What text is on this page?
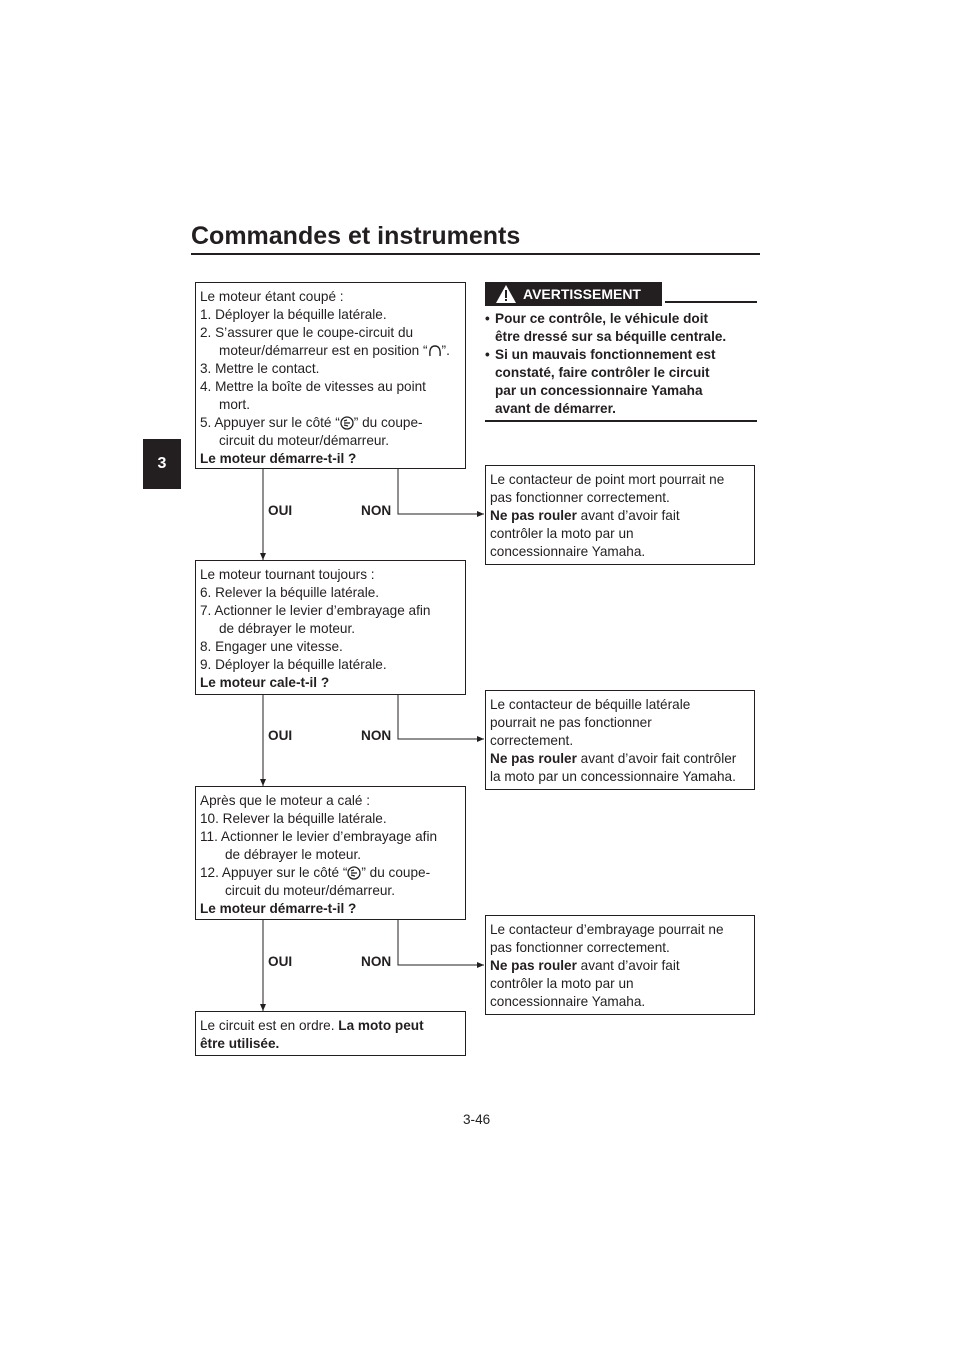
Commandes et instruments
3
Le moteur étant coupé :
1. Déployer la béquille latérale.
2. S’assurer que le coupe-circuit du
moteur/démarreur est en position “ ”.
3. Mettre le contact.
4. Mettre la boîte de vitesses au point
mort.
5. Appuyer sur le côté “ ” du coupe-
circuit du moteur/démarreur.
Le moteur démarre-t-il ?
OUI	NON
Le moteur tournant toujours :
6. Relever la béquille latérale.
7. Actionner le levier d’embrayage afin
de débrayer le moteur.
8. Engager une vitesse.
9. Déployer la béquille latérale.
Le moteur cale-t-il ?
OUI	NON
Après que le moteur a calé :
10. Relever la béquille latérale.
11. Actionner le levier d’embrayage afin
de débrayer le moteur.
12. Appuyer sur le côté “ ” du coupe-
circuit du moteur/démarreur.
Le moteur démarre-t-il ?
OUI	NON
Le circuit est en ordre. La moto peut
être utilisée.
AVERTISSEMENT
• Pour ce contrôle, le véhicule doit
être dressé sur sa béquille centrale.
• Si un mauvais fonctionnement est
constaté, faire contrôler le circuit
par un concessionnaire Yamaha
avant de démarrer.
Le contacteur de point mort pourrait ne
pas fonctionner correctement.
Ne pas rouler avant d’avoir fait
contrôler la moto par un
concessionnaire Yamaha.
Le contacteur de béquille latérale
pourrait ne pas fonctionner
correctement.
Ne pas rouler avant d’avoir fait contrôler
la moto par un concessionnaire Yamaha.
Le contacteur d’embrayage pourrait ne
pas fonctionner correctement.
Ne pas rouler avant d’avoir fait
contrôler la moto par un
concessionnaire Yamaha.
3-46
